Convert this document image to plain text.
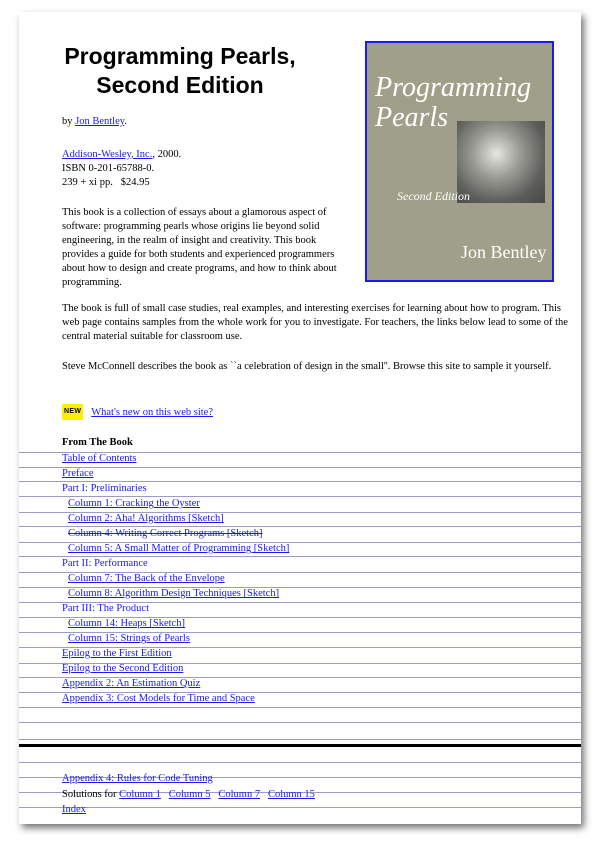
Programming Pearls,
Second Edition	Programming
Pearls
Second Edition
Jon Bentley
by Jon Bentley.
Addison-Wesley, Inc., 2000.
ISBN 0-201-65788-0.
239 + xi pp.   $24.95
This book is a collection of essays about a glamorous aspect of software: programming pearls whose origins lie beyond solid engineering, in the realm of insight and creativity. This book provides a guide for both students and experienced programmers about how to design and create programs, and how to think about programming.
The book is full of small case studies, real examples, and interesting exercises for learning about how to program. This web page contains samples from the whole work for you to investigate. For teachers, the links below lead to some of the central material suitable for classroom use.
Steve McConnell describes the book as ``a celebration of design in the small''. Browse this site to sample it yourself.
NEW What's new on this web site?
From The Book
Table of Contents
Preface
Part I: Preliminaries
Column 1: Cracking the Oyster
Column 2: Aha! Algorithms [Sketch]
Column 4: Writing Correct Programs [Sketch]
Column 5: A Small Matter of Programming [Sketch]
Part II: Performance
Column 7: The Back of the Envelope
Column 8: Algorithm Design Techniques [Sketch]
Part III: The Product
Column 14: Heaps [Sketch]
Column 15: Strings of Pearls
Epilog to the First Edition
Epilog to the Second Edition
Appendix 2: An Estimation Quiz
Appendix 3: Cost Models for Time and Space
Appendix 4: Rules for Code Tuning
Solutions for Column 1 Column 5 Column 7 Column 15
Index
